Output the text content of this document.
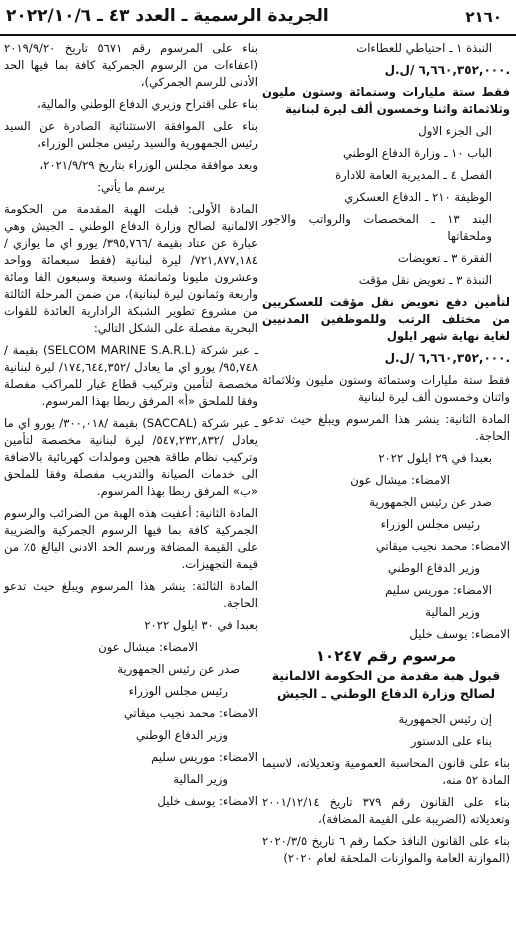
الجريدة الرسمية ـ العدد ٤٣ ـ ٢٠٢٢/١٠/٦	٢١٦٠

النبذة ١ ـ احتياطي للعطاءات

٦,٦٦٠,٣٥٢,٠٠٠ /ل.ل.

فقط ستة مليارات وستمائة وستون مليون وثلاثمائة واثنا وخمسون ألف ليرة لبنانية

الى الجزء الاول

الباب ١٠ ـ وزارة الدفاع الوطني

الفصل ٤ ـ المديرية العامة للادارة

الوظيفة ٢١٠ ـ الدفاع العسكري

البند ١٣ ـ المخصصات والرواتب والاجور وملحقاتها

الفقرة ٣ ـ تعويضات

النبذة ٣ ـ تعويض نقل مؤقت

لتأمين دفع تعويض نقل مؤقت للعسكريين من مختلف الرتب وللموظفين المدنيين لغاية نهاية شهر ايلول

٦,٦٦٠,٣٥٢,٠٠٠ /ل.ل.

فقط ستة مليارات وستمائة وستون مليون وثلاثمائة واثنان وخمسون ألف ليرة لبنانية

المادة الثانية: ينشر هذا المرسوم ويبلغ حيث تدعو الحاجة.

بعبدا في ٢٩ ايلول ٢٠٢٢

الامضاء: ميشال عون

صدر عن رئيس الجمهورية

رئيس مجلس الوزراء

الامضاء: محمد نجيب ميقاتي

وزير الدفاع الوطني

الامضاء: موريس سليم

وزير المالية

الامضاء: يوسف خليل

مرسوم رقم ١٠٢٤٧
قبول هبة مقدمة من الحكومة الالمانية لصالح وزارة الدفاع الوطني ـ الجيش

إن رئيس الجمهورية

بناء على الدستور

بناء على قانون المحاسبة العمومية وتعديلاته، لاسيما المادة ٥٢ منه،

بناء على القانون رقم ٣٧٩ تاريخ ٢٠٠١/١٢/١٤ وتعديلاته (الضريبة على القيمة المضافة)،

بناء على القانون النافذ حكما رقم ٦ تاريخ ٢٠٢٠/٣/٥ (الموازنة العامة والموازنات الملحقة لعام ٢٠٢٠)

بناء على المرسوم رقم ٥٦٧١ تاريخ ٢٠١٩/٩/٢٠ (اعفاءات من الرسوم الجمركية كافة بما فيها الحد الأدنى للرسم الجمركي)،

بناء على اقتراح وزيري الدفاع الوطني والمالية،

بناء على الموافقة الاستثنائية الصادرة عن السيد رئيس الجمهورية والسيد رئيس مجلس الوزراء،

وبعد موافقة مجلس الوزراء بتاريخ ٢٠٢١/٩/٢٩،

يرسم ما يأتي:

المادة الأولى: قبلت الهبة المقدمة من الحكومة الالمانية لصالح وزارة الدفاع الوطني ـ الجيش وهي عبارة عن عتاد بقيمة /٣٩٥,٧٦٦/ يورو اي ما يوازي /٧٢١,٨٧٧,١٨٤/ ليرة لبنانية (فقط سبعمائة وواحد وعشرون مليونا وثمانمئة وسبعة وسبعون الفا ومائة واربعة وثمانون ليرة لبنانية)، من ضمن المرحلة الثالثة من مشروع تطوير الشبكة الرادارية العائدة للقوات البحرية مفصلة على الشكل التالي:

ـ عبر شركة (SELCOM MARINE S.A.R.L) بقيمة /٩٥,٧٤٨/ يورو اي ما يعادل /١٧٤,٦٤٤,٣٥٢/ ليرة لبنانية مخصصة لتأمين وتركيب قطاع غيار للمراكب مفصلة وفقا للملحق «أ» المرفق ربطا بهذا المرسوم.

ـ عبر شركة (SACCAL) بقيمة /٣٠٠,٠١٨/ يورو اي ما يعادل /٥٤٧,٢٣٢,٨٣٢/ ليرة لبنانية مخصصة لتأمين وتركيب نظام طاقة هجين ومولدات كهربائية بالاضافة الى خدمات الصيانة والتدريب مفصلة وفقا للملحق «ب» المرفق ربطا بهذا المرسوم.

المادة الثانية: أعفيت هذه الهبة من الضرائب والرسوم الجمركية كافة بما فيها الرسوم الجمركية والضريبة على القيمة المضافة ورسم الحد الادنى البالغ ٥٪ من قيمة التجهيزات.

المادة الثالثة: ينشر هذا المرسوم ويبلغ حيث تدعو الحاجة.

بعبدا في ٣٠ ايلول ٢٠٢٢

الامضاء: ميشال عون

صدر عن رئيس الجمهورية

رئيس مجلس الوزراء

الامضاء: محمد نجيب ميقاتي

وزير الدفاع الوطني

الامضاء: موريس سليم

وزير المالية

الامضاء: يوسف خليل
